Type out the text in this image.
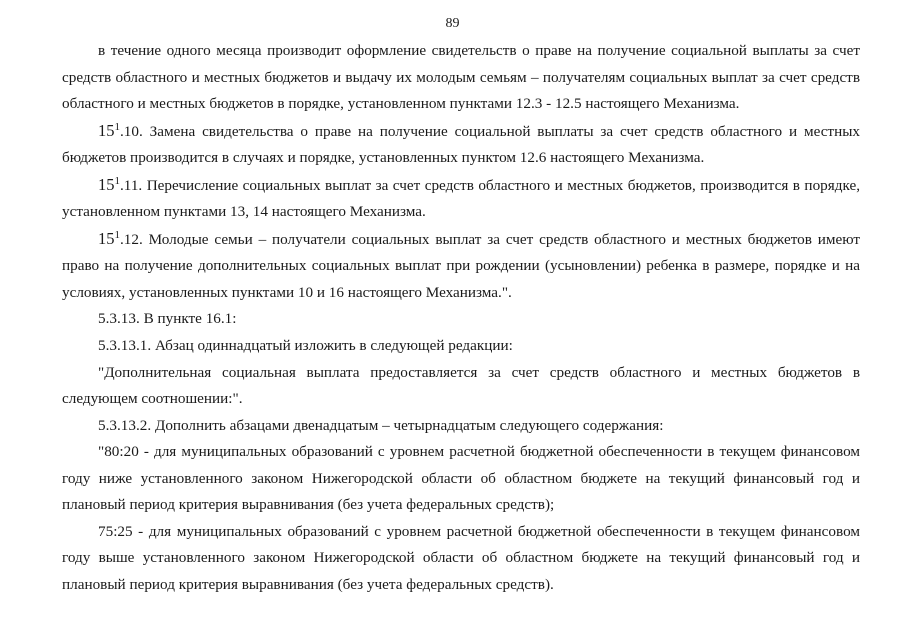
89

в течение одного месяца производит оформление свидетельств о праве на получение социальной выплаты за счет средств областного и местных бюджетов и выдачу их молодым семьям – получателям социальных выплат за счет средств областного и местных бюджетов в порядке, установленном пунктами 12.3 - 12.5 настоящего Механизма.

$15^1.10$. Замена свидетельства о праве на получение социальной выплаты за счет средств областного и местных бюджетов производится в случаях и порядке, установленных пунктом 12.6 настоящего Механизма.

$15^1.11$. Перечисление социальных выплат за счет средств областного и местных бюджетов, производится в порядке, установленном пунктами 13, 14 настоящего Механизма.

$15^1.12$. Молодые семьи – получатели социальных выплат за счет средств областного и местных бюджетов имеют право на получение дополнительных социальных выплат при рождении (усыновлении) ребенка в размере, порядке и на условиях, установленных пунктами 10 и 16 настоящего Механизма.".

5.3.13. В пункте 16.1:

5.3.13.1. Абзац одиннадцатый изложить в следующей редакции:

"Дополнительная социальная выплата предоставляется за счет средств областного и местных бюджетов в следующем соотношении:".

5.3.13.2. Дополнить абзацами двенадцатым – четырнадцатым следующего содержания:

"80:20 - для муниципальных образований с уровнем расчетной бюджетной обеспеченности в текущем финансовом году ниже установленного законом Нижегородской области об областном бюджете на текущий финансовый год и плановый период критерия выравнивания (без учета федеральных средств);

75:25 - для муниципальных образований с уровнем расчетной бюджетной обеспеченности в текущем финансовом году выше установленного законом Нижегородской области об областном бюджете на текущий финансовый год и плановый период критерия выравнивания (без учета федеральных средств).
